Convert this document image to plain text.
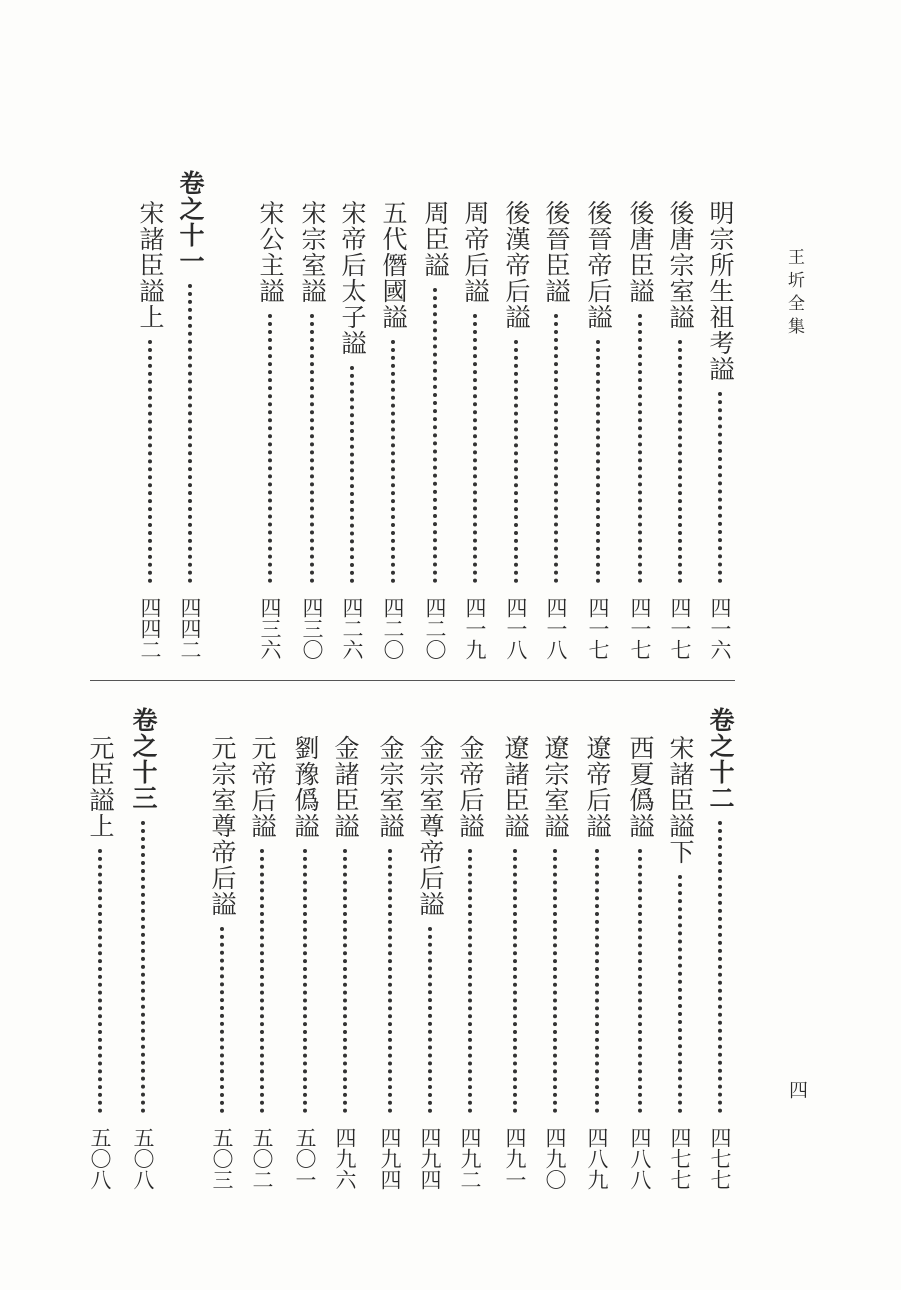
王圻全集
四
明宗所生祖考謚
四一六
後唐宗室謚
四一七
後唐臣謚
四一七
後晉帝后謚
四一七
後晉臣謚
四一八
後漢帝后謚
四一八
周帝后謚
四一九
周臣謚
四二〇
五代僭國謚
四二〇
宋帝后太子謚
四二六
宋宗室謚
四三〇
宋公主謚
四三六
卷之十一
四四二
宋諸臣謚上
四四二
卷之十二
四七七
宋諸臣謚下
四七七
西夏僞謚
四八八
遼帝后謚
四八九
遼宗室謚
四九〇
遼諸臣謚
四九一
金帝后謚
四九二
金宗室尊帝后謚
四九四
金宗室謚
四九四
金諸臣謚
四九六
劉豫僞謚
五〇一
元帝后謚
五〇二
元宗室尊帝后謚
五〇三
卷之十三
五〇八
元臣謚上
五〇八
